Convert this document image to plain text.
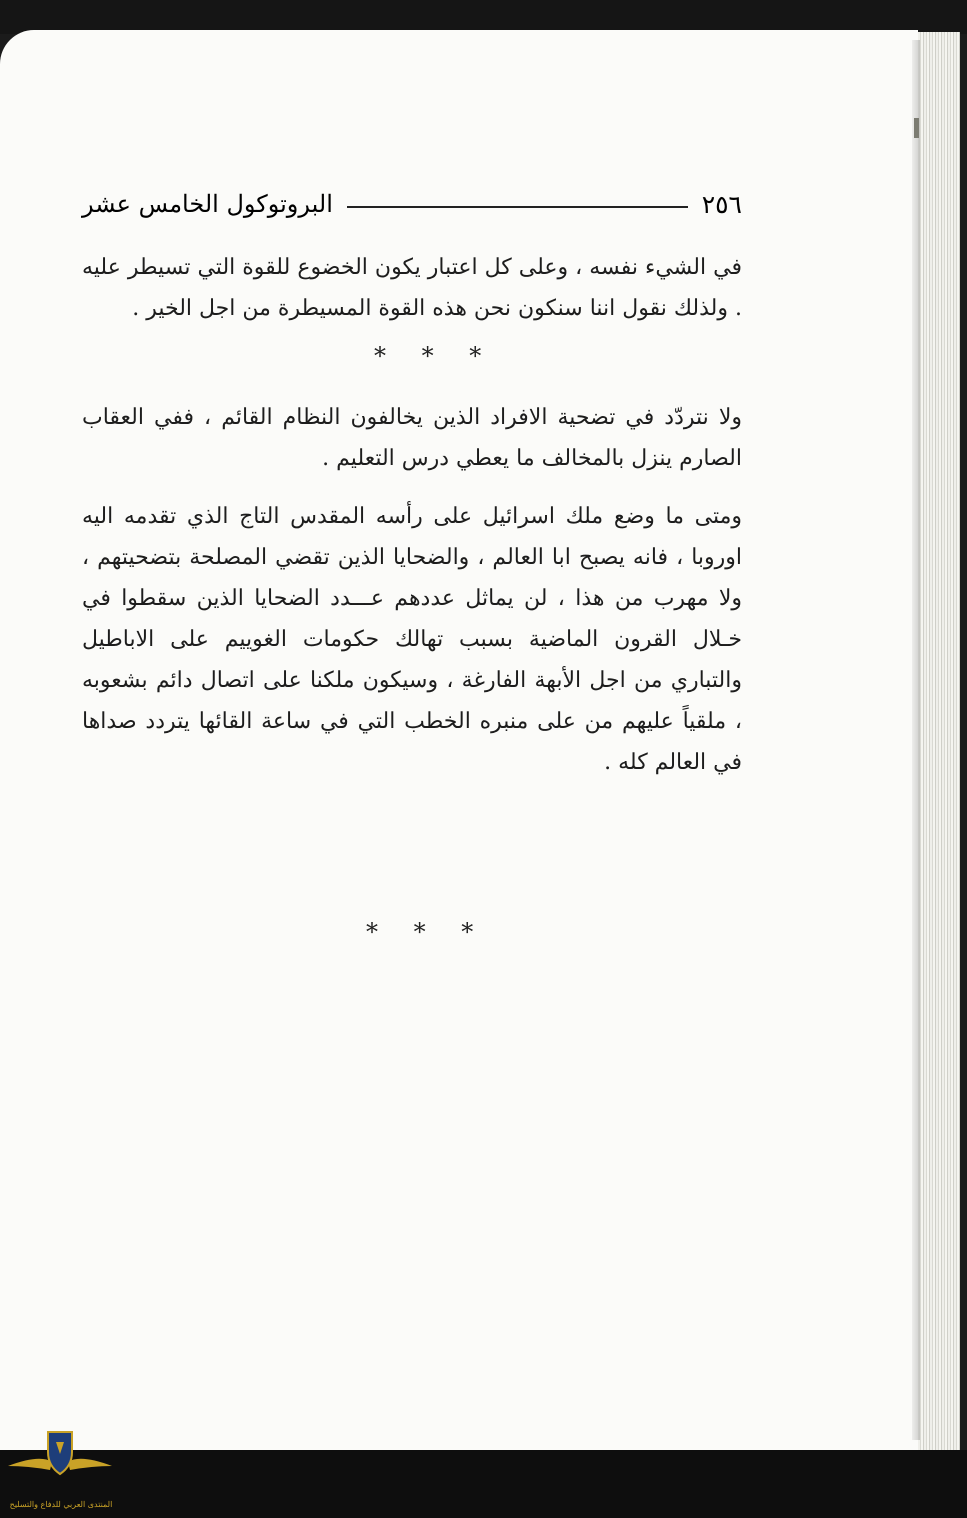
٢٥٦
البروتوكول الخامس عشر

في الشيء نفسه ، وعلى كل اعتبار يكون الخضوع للقوة التي تسيطر عليه . ولذلك نقول اننا سنكون نحن هذه القوة المسيطرة من اجل الخير .

* * *

ولا نتردّد في تضحية الافراد الذين يخالفون النظام القائم ، ففي العقاب الصارم ينزل بالمخالف ما يعطي درس التعليم .

ومتى ما وضع ملك اسرائيل على رأسه المقدس التاج الذي تقدمه اليه اوروبا ، فانه يصبح ابا العالم ، والضحايا الذين تقضي المصلحة بتضحيتهم ، ولا مهرب من هذا ، لن يماثل عددهم عـــدد الضحايا الذين سقطوا في خـلال القرون الماضية بسبب تهالك حكومات الغوييم على الاباطيل والتباري من اجل الأبهة الفارغة ، وسيكون ملكنا على اتصال دائم بشعوبه ، ملقياً عليهم من على منبره الخطب التي في ساعة القائها يتردد صداها في العالم كله .

* * *
المنتدى العربي للدفاع والتسليح
